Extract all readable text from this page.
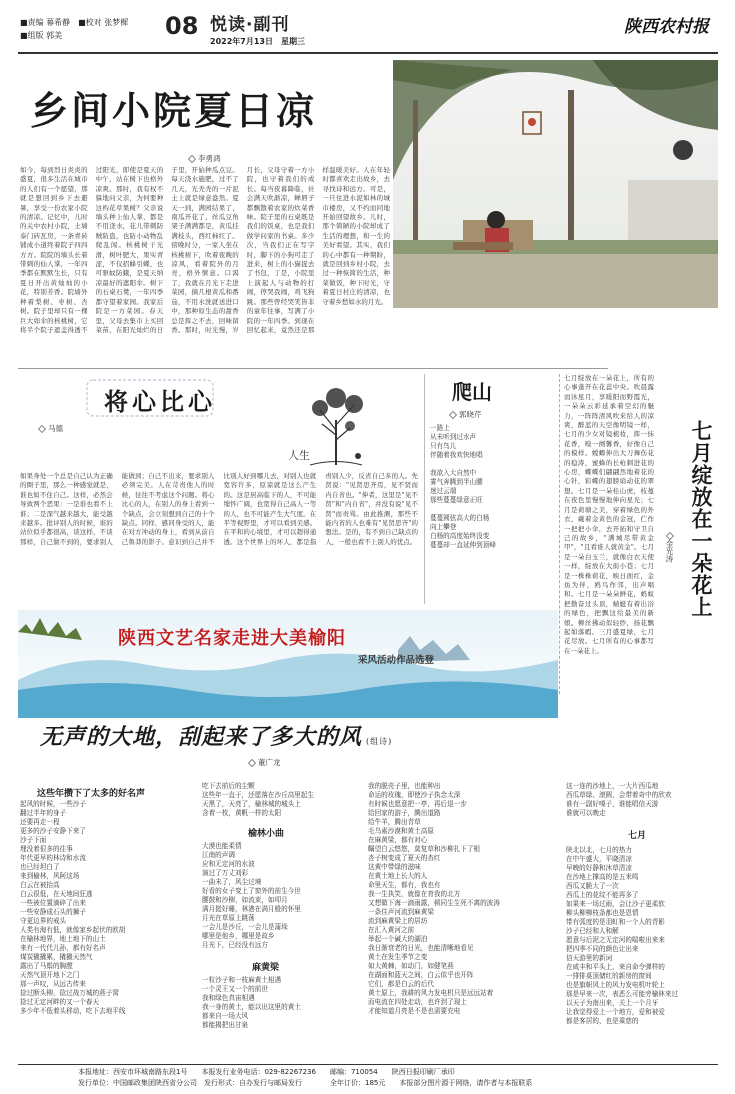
■责编 幕希静　 ■校对 张梦樨
■组版 郭美	08 悦读·副刊
2022年7月13日　星期三
陕西农村报
乡间小院夏日凉
李勇鸿
如今，每到烈日炎炎的盛夏，很多生活在城市的人们有一个愿望，那就是想回到乡下去避暑，享受一份农家小院的清凉。记忆中，儿时的关中农村小院，土墙泰门砖瓦房，一条青砖铺成小道终着院子四四方方。院院的墙头长着带刺的仙人掌，一年四季都在默默生长，只有夏日开出黄灿灿的小花，特别芳香。院墙外种着梨树、枣树、杏树。院子里却只有一棵巨大如伞的核桃树，它将半个院子遮盖得透不过阳光，即使是夏天的中午，站在树下也格外凉爽。那时，我有权不躲地问父亲，为何要种这构花草果树？父亲说墙头种上仙人掌，都是不用浇水，花儿带刺防贼防盗，也防小动物乱爬乱闯。核桃树干光滑，树叶肥大，果实青涩，不仅招蜂引蝶，也可驱蚊防蛾，是夏天纳凉最好的遮阳伞。树下的石桌石凳，一年四季都守望着家园。我家后院是一方菜园。春天里，父母去集市上买回菜苗，在阳光灿烂的日子里，开始种瓜点豆。每天浇水施肥，过不了几天，光秃秃的一片泥土上就是绿意盎然。夏天一到，满园结果了，南瓜开花了，丝瓜豆角架子满满都是，黄瓜挂满枝头，西红柿红了。傍晚时分，一家人坐在核桃树下，吹着夜晚的凉风，看着院外的月亮，格外惬意。口渴了，我就在月光下走进菜园，摘几根黄瓜和番茄，不用水洗就送进口中，那种原生态的甜香总是挥之不去，回味留香。那时，时光慢，岁月长，父母守着一方小院，也守着我们的成长。每当夜幕降临，社会满天吹渐凉，蝉唇子都飘散着农家的炊菜香味。院子里的石桌既是我们的饭桌，也是我们做学问家的书桌。多少次，当我们正在写字时，脚下的小狗可走了进来，树上的小猫捉去了书包，丁是，小院里上演起人与动物的打闹，停哭我闹，鸡飞狗跳。那些曾经哭笑皆非的童年往事，写满了小院的一年四季。到现在回忆起来，竟然还是那样温暖美好。人在年轻时都喜欢走出故乡，去寻找诗和远方。可是，一旦住进水泥如林的城市楼房，又不约而同地开始回望故乡。儿时，那个简陋的小院却成了生活的理想，和一生的美好看望。其实，我们的心中都有一种期盼，就是回到乡村小院，去过一种恢简的生活，种菜做饭，种下时光，守着夏日村庄的清凉，也守着乡愁如水的月光。
将心比心
马德
人生
如果身处一个总是自己认为正确的圈子里，那么一种感觉就是，谁也如不住自己。这样，必然会导致两个恶果：一是谁也看不上谁；二是深气越来越大，能受越来越多。批评别人的时候，谁的站位似乎都很高，谈这样，不谈那样，自己做不到的，要求别人能做到；自己不出来，要求别人必须完美。人在苛责他人的时候，往往不考虑这个问题。将心比心的人，在别人的身上看到一个缺点，会立刻想到自己的十个缺点。同样，感同身受的人，能在对方冲动的身上，看到从前自己鲁莽的影子。意识到自己并不比别人好到哪儿去，对别人也就宽容许多，原谅就是这么产生的。这是居高临下的人，不可能缩怀广阔，也宽得自己高人一等的人，也不可能产生大气度。在平等视野里，才可以看到美感。在平和的心境里，才可以超得通透。这个世界上的坏人，都是指责别人少，反省自己多的人。先贤说："见贤思齐焉，见不贤而内自省也。"伸者，这里是"见不贤"和"内自省"，并没有说"见不贤"而责骂。由此推测，那些不能内省的人也难有"见贤思齐"的想法。是的，有不到自己缺点的人，一般也看不上别人的优点。
爬山
郭晓芹
一路上
从未听到过水声
只有鸟儿
伴随着我欢快地唱

我欲入大自然中
雾气奔腾到半山腰
迷过云端
那些蔓蔓绿意正旺

蔓蔓圆弦高大的白杨
向上攀登
白杨的高度始终没变
蔓蔓却一直延伸到顶峰
七月绽放在一朵花上，所有的心事蓬开在花蕊中央。吹晨露而沐星月，享暖阳而野霞光，一朵朵云彩延承着空幻的魅力，一阵阵清风吹来给人的凉爽，醉蓝的天空像明镜一样，七月的少女对镜梳妆，挥一抹花香，嗅一阕馨香，好像自己的模样。螳螂伸出大刀舞伤花的稳涛，蜜蜂的长枪刺进花的心房，蝶蝶们翩翩然地着花的心针，彩蝶的翅膀扇动花的翠想。七月是一朵桂山虎，枝蔓在夜色里慢慢地伸向星光；七月是荷塘之美，穿着绿色的外衣，戴着金黄色的金冠，伫作一把把小伞，去开拓和守卫自己的故乡，"满城尽带黄金甲"，"且看谁人就黄金"。七月是一朵白玉兰，就像白衣天使一样，绽放在大街小巷；七月是一株株荷花，映日面红，金鱼为伴，鸥鸟作邻，出声唱和。七月是一朵朵鲜花，蚂蚁把勤奋过头顶，蜻蜓有着出浴的绿色，把飘这给最美的新娘。柳丝拂动似轻纱，扬花飘起如落暇。三月盛夏绿，七月花尽放。七月所有的心事都写在一朵花上。
七月绽放在一朵花上
金光涛
陕西文艺名家走进大美榆阳
采风活动作品选登
无声的大地，刮起来了多大的风 (组诗)
董广龙
这些年攒下了太多的好名声
起风的时候，一些沙子
翻过半年的身子
还要再走一程
更多的沙子安静下来了
沙子下面
埋没着很多的往事
年代更早的林诗和水流
也已经坦白了
来到榆林，风阿这场
白云在被抬高
白云很低，在天地间狂逃
一些被位置滴碎了出来
一些安静成石头的狮子
守更边界的戒头
人类有海有低，就像家乡起伏的欧胡
在榆林地界，地上地下的山土
来有一代代儿孙，都有好名声
煤炭撬撬累，撬撬天然气
露出了马鬃的胸膛
天然气顶开地下之门
那一声叹，从远古传来
捻过断头柳，捻过战万城的燕子窝
捻过无定河畔的又一个春天
多少年不低着头移动，吃下去地平线
吃下去前后的尘颗
这些年一直于，还愿落在沙丘高里起生
天黑了，天亮了，榆林城的城头上
含着一枚，黄帆一样的太阳
榆林小曲
大漠也能柔情
江南的声调
应和无定河的水波
演过了万丈刘彩
一曲未了，风尘过境
好看的女子变上了窗外的前生今世
腰鼓和沙柳，如流束，如叩月
满月挺好睡，林港在满月般的怀里
月光在草原上跳荡
一会儿是沙丘，一会儿是蒲垛
哪里是他乡，哪里是故乡
月光下，已经没有远方
麻黄梁
一粒沙子和一枝麻黄土相遇
一个灵王又一个的前世
我和绿色真宙相遇
我一身的黄土，能以出这里的黄土
都来自一场大风
都能揭把出甘泉
我的脱壳子里，也能种出
命运的玫瑰，即使沙子执念太深
有时候也愿意把一亭，再后退一步
给回家的游子，腾出道路
给牛羊，腾出青草
毛乌素沙漠和黄土高原
在麻黄梁，都有对心
瞩望白云悠悠，莫复草和沙柳扎下了根
杏子树变成了夏天的杏红
这黄中带绿的滋味
在黄土地上长大的人
命里天生，都有，我也有
我一生执笑，就像在育我的北方
又想做下海一滴雨露，顿同生生死不离的波涛
一条住声河流到麻黄梁
流到麻黄梁上的居坊
在汇入黄河之前
举起一个碱大的湖泊
我日渐衰老的日光，也能清晰地看见
黄土在发生季节之变
如大黄棘，如动门，如健笔燕
在湖面和蓝天之间，白云似乎也开阵
它们，都是白云的后代
黄土原上，我耕的风力发电机只是远远站着
而电流在四处走动，也许到了现上
才能知道月亮是不是也需要充电
这一连的沙地上，一大片西瓜地
西瓜草绿、滚圆，会带着奇中的欣欢
谁有一副好嗓子，谁能唱信天游
谁就可以晚走
七月
陕北以北，七月的热力
在中午盛大，平晓清凉
早晚的好静和沐草清凉
在沙地上撑高的是五米鸣
西瓜又脆大了一次
西瓜上的花纹不能再多了
如果来一场过雨，会让沙子更柔软
柳头柳柳枝条都也是恩情
带有弧度的是羽虹和一个人的青影
沙子已经和人和解
愿意与后泥之无定河的喘啦出来来
把四季不同的颜色让出来
信天游里的新词
在咸丰和平头上，来自命令弹样的
一排排桌顶储红的新房的窗间
也是旗帜风上的风力发电机叶轮上
那是早来一次，表恶么可能旁榆林来过
以天子为南出来，关上一个月牙
让我觉得爱上一个地方，爱和被爱
都是客居的，也是乘慈的
本报地址：西安市环城南路东段1号　　本报发行业务电话：029-82267236　　邮编：710054　　陕西日报印刷厂承印
发行单位：中国邮政集团陕西省分公司　发行形式：自办发行与邮局发行　　　　全年订价：185元　　本报部分图片源于网络，请作者与本报联系
